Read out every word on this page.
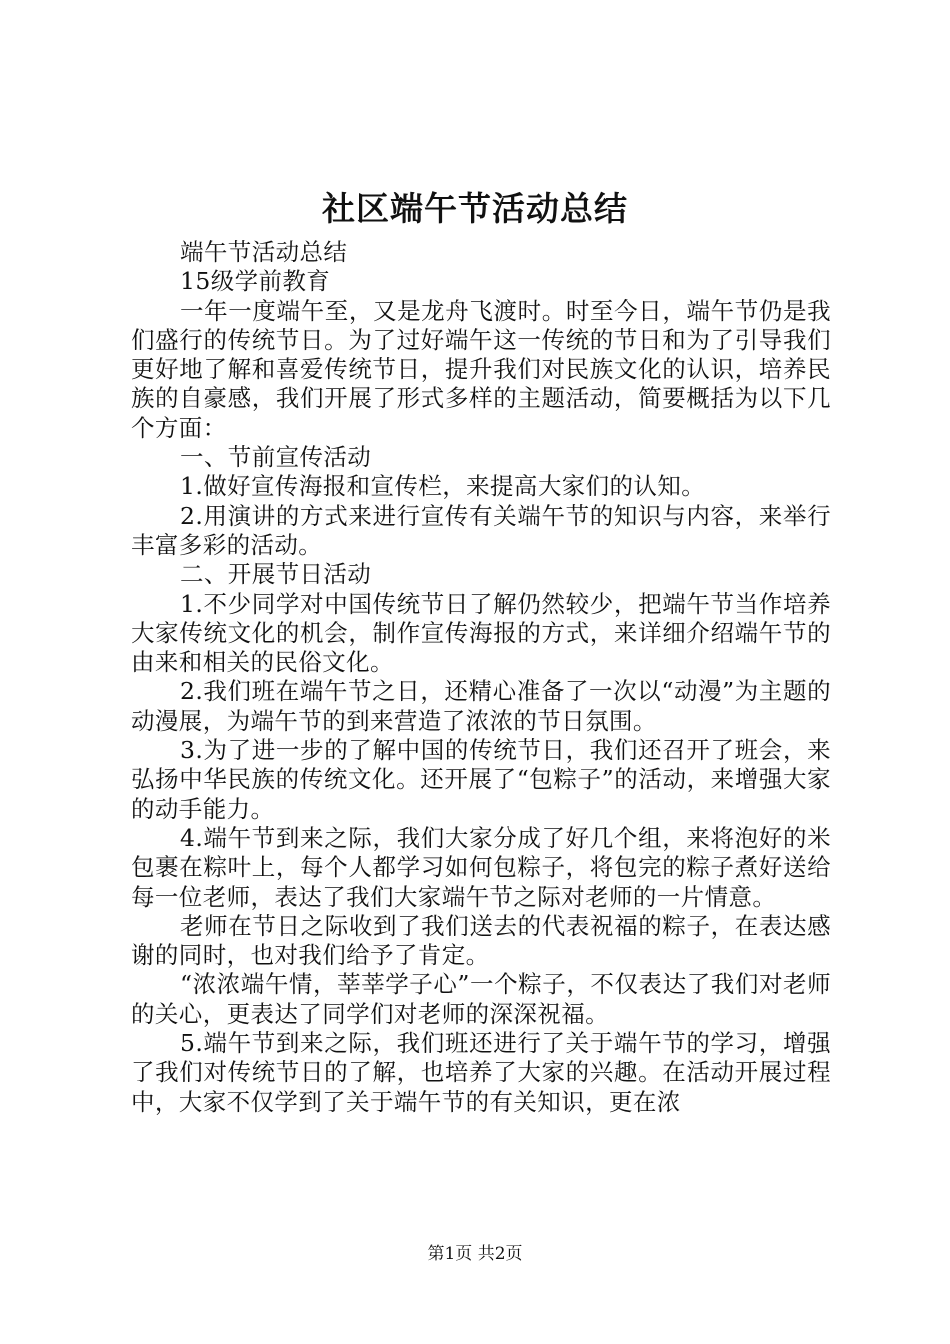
社区端午节活动总结

端午节活动总结

15级学前教育

一年一度端午至，又是龙舟飞渡时。时至今日，端午节仍是我们盛行的传统节日。为了过好端午这一传统的节日和为了引导我们更好地了解和喜爱传统节日，提升我们对民族文化的认识，培养民族的自豪感，我们开展了形式多样的主题活动，简要概括为以下几个方面：

一、节前宣传活动

1.做好宣传海报和宣传栏，来提高大家们的认知。

2.用演讲的方式来进行宣传有关端午节的知识与内容，来举行丰富多彩的活动。

二、开展节日活动

1.不少同学对中国传统节日了解仍然较少，把端午节当作培养大家传统文化的机会，制作宣传海报的方式，来详细介绍端午节的由来和相关的民俗文化。

2.我们班在端午节之日，还精心准备了一次以“动漫”为主题的动漫展，为端午节的到来营造了浓浓的节日氛围。

3.为了进一步的了解中国的传统节日，我们还召开了班会，来弘扬中华民族的传统文化。还开展了“包粽子”的活动，来增强大家的动手能力。

4.端午节到来之际，我们大家分成了好几个组，来将泡好的米包裹在粽叶上，每个人都学习如何包粽子，将包完的粽子煮好送给每一位老师，表达了我们大家端午节之际对老师的一片情意。

老师在节日之际收到了我们送去的代表祝福的粽子，在表达感谢的同时，也对我们给予了肯定。

“浓浓端午情，莘莘学子心”一个粽子，不仅表达了我们对老师的关心，更表达了同学们对老师的深深祝福。

5.端午节到来之际，我们班还进行了关于端午节的学习，增强了我们对传统节日的了解，也培养了大家的兴趣。在活动开展过程中，大家不仅学到了关于端午节的有关知识，更在浓

第1页 共2页
